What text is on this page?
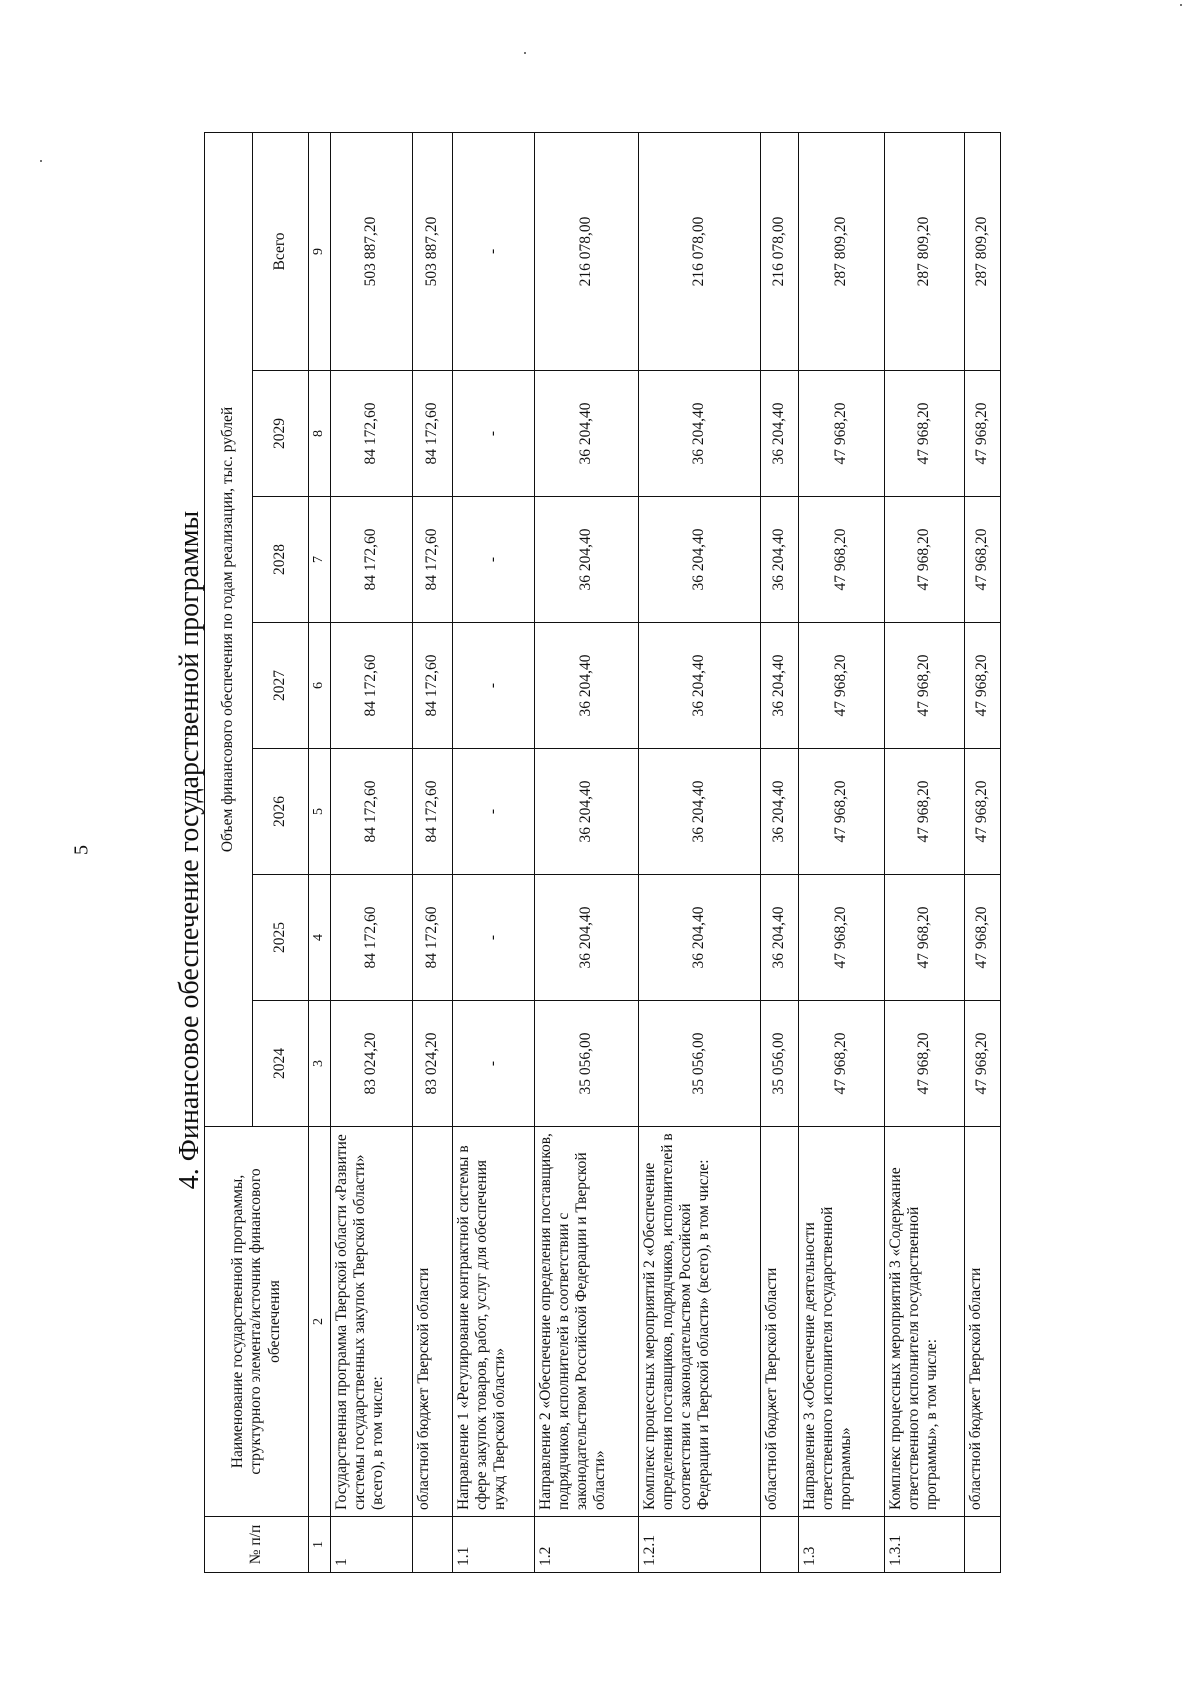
5	4. Финансовое обеспечение государственной программы
№ п/п	Наименование государственной программы, структурного элемента/источник финансового обеспечения	Объем финансового обеспечения по годам реализации, тыс. рублей						
		2024	2025	2026	2027	2028	2029	Всего
1	2	3	4	5	6	7	8	9
1	Государственная программа Тверской области «Развитие системы государственных закупок Тверской области» (всего), в том числе:	83 024,20	84 172,60	84 172,60	84 172,60	84 172,60	84 172,60	503 887,20
	областной бюджет Тверской области	83 024,20	84 172,60	84 172,60	84 172,60	84 172,60	84 172,60	503 887,20
1.1	Направление 1 «Регулирование контрактной системы в сфере закупок товаров, работ, услуг для обеспечения нужд Тверской области»	-	-	-	-	-	-	-
1.2	Направление 2 «Обеспечение определения поставщиков, подрядчиков, исполнителей в соответствии с законодательством Российской Федерации и Тверской области»	35 056,00	36 204,40	36 204,40	36 204,40	36 204,40	36 204,40	216 078,00
1.2.1	Комплекс процессных мероприятий 2 «Обеспечение определения поставщиков, подрядчиков, исполнителей в соответствии с законодательством Российской Федерации и Тверской области» (всего), в том числе:	35 056,00	36 204,40	36 204,40	36 204,40	36 204,40	36 204,40	216 078,00
	областной бюджет Тверской области	35 056,00	36 204,40	36 204,40	36 204,40	36 204,40	36 204,40	216 078,00
1.3	Направление 3 «Обеспечение деятельности ответственного исполнителя государственной программы»	47 968,20	47 968,20	47 968,20	47 968,20	47 968,20	47 968,20	287 809,20
1.3.1	Комплекс процессных мероприятий 3 «Содержание ответственного исполнителя государственной программы», в том числе:	47 968,20	47 968,20	47 968,20	47 968,20	47 968,20	47 968,20	287 809,20
	областной бюджет Тверской области	47 968,20	47 968,20	47 968,20	47 968,20	47 968,20	47 968,20	287 809,20
